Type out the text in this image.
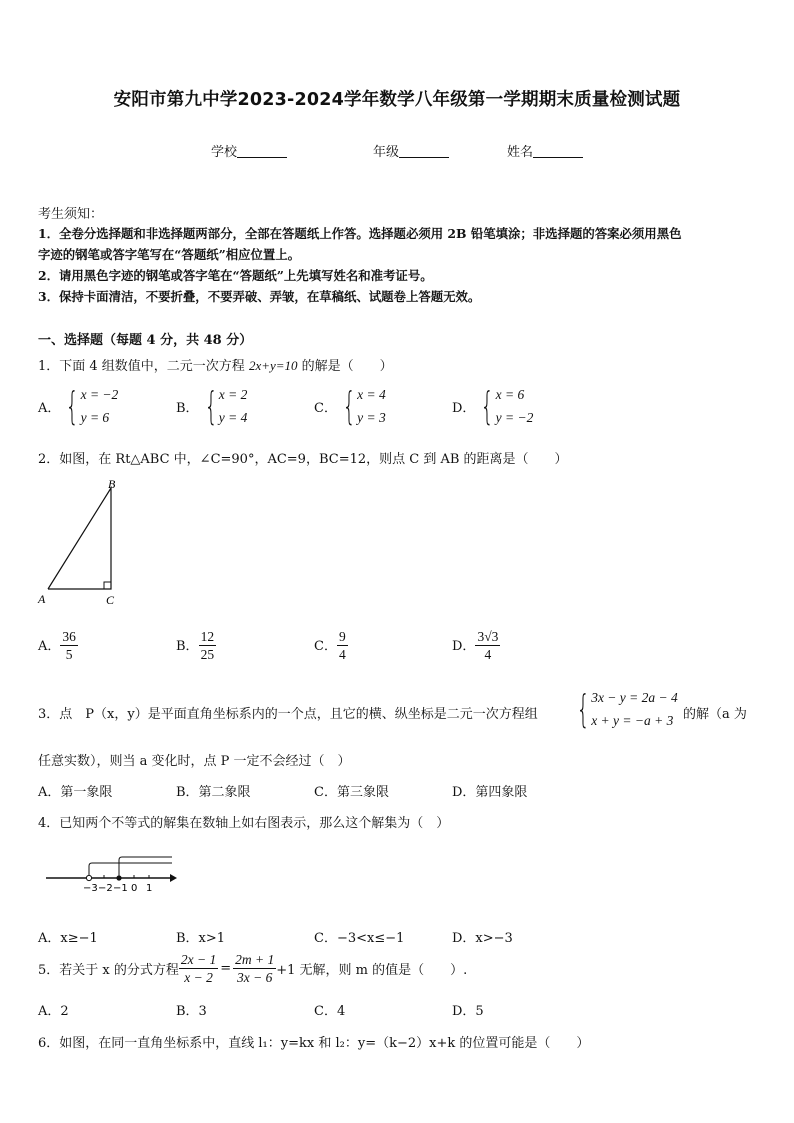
安阳市第九中学2023-2024学年数学八年级第一学期期末质量检测试题
学校	年级	姓名
考生须知：
1．全卷分选择题和非选择题两部分，全部在答题纸上作答。选择题必须用 2B 铅笔填涂；非选择题的答案必须用黑色
字迹的钢笔或答字笔写在“答题纸”相应位置上。
2．请用黑色字迹的钢笔或答字笔在“答题纸”上先填写姓名和准考证号。
3．保持卡面清洁，不要折叠，不要弄破、弄皱，在草稿纸、试题卷上答题无效。
一、选择题（每题 4 分，共 48 分）
1．下面 4 组数值中，二元一次方程 2x+y=10 的解是（　　）
A． { x = −2
y = 6
B． { x = 2
y = 4
C． { x = 4
y = 3
D． { x = 6
y = −2
2．如图，在 Rt△ABC 中，∠C=90°，AC=9，BC=12，则点 C 到 AB 的距离是（　　）
B
A	C
A． $\frac{36}{5}$	B． $\frac{12}{25}$	C． $\frac{9}{4}$	D． $\frac{3√3}{4}$
3．点　P（x，y）是平面直角坐标系内的一个点，且它的横、纵坐标是二元一次方程组 { 3x − y = 2a − 4
x + y = −a + 3 的解（a 为
任意实数），则当 a 变化时，点 P 一定不会经过（　）
A．第一象限	B．第二象限	C．第三象限	D．第四象限
4．已知两个不等式的解集在数轴上如右图表示，那么这个解集为（　）
−3 −2 −1 0 1
A．x≥−1	B．x>1	C．−3<x≤−1	D．x>−3
5．若关于 x 的分式方程 $\frac{2x - 1}{x - 2} = \frac{2m + 1}{3x - 6} +1$ 无解，则 m 的值是（　　）.
A．2	B．3	C．4	D．5
6．如图，在同一直角坐标系中，直线 l₁：y=kx 和 l₂：y=（k−2）x+k 的位置可能是（　　）
